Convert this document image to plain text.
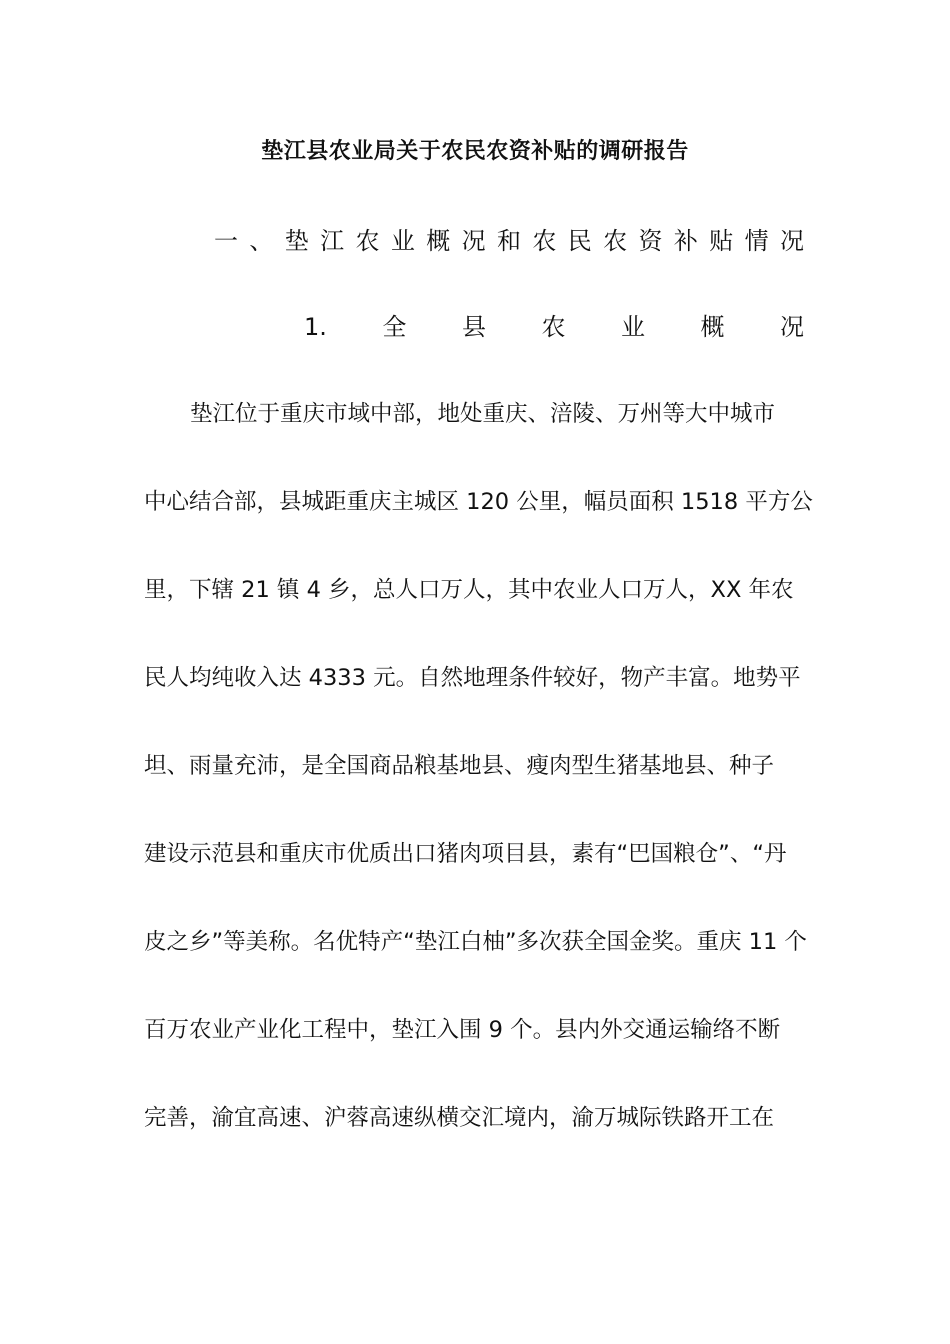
垫江县农业局关于农民农资补贴的调研报告
一 、 垫 江 农 业 概 况 和 农 民 农 资 补 贴 情 况
1. 全 县 农 业 概 况
垫江位于重庆市域中部，地处重庆、涪陵、万州等大中城市
中心结合部，县城距重庆主城区 120 公里，幅员面积 1518 平方公
里，下辖 21 镇 4 乡，总人口万人，其中农业人口万人，XX 年农
民人均纯收入达 4333 元。自然地理条件较好，物产丰富。地势平
坦、雨量充沛，是全国商品粮基地县、瘦肉型生猪基地县、种子
建设示范县和重庆市优质出口猪肉项目县，素有“巴国粮仓”、“丹
皮之乡”等美称。名优特产“垫江白柚”多次获全国金奖。重庆 11 个
百万农业产业化工程中，垫江入围 9 个。县内外交通运输络不断
完善，渝宜高速、沪蓉高速纵横交汇境内，渝万城际铁路开工在
